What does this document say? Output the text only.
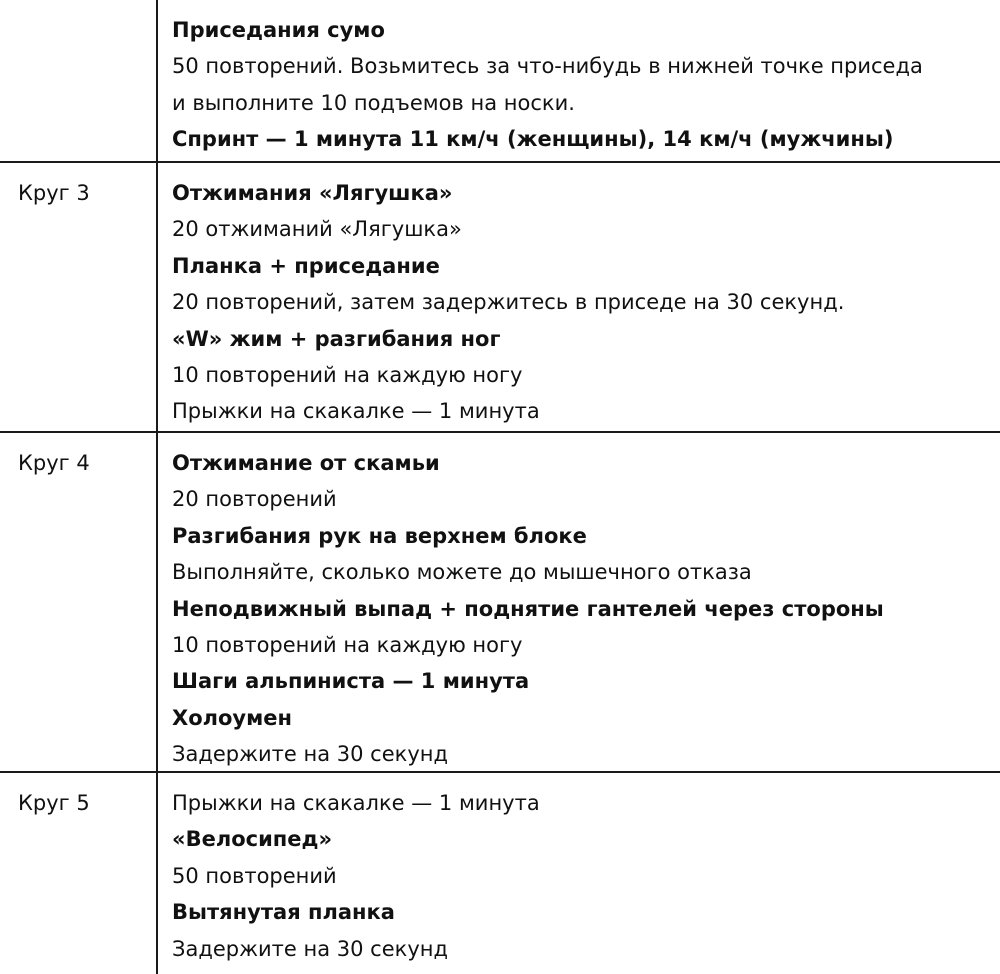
Приседания сумо
50 повторений. Возьмитесь за что-нибудь в нижней точке приседа
и выполните 10 подъемов на носки.
Спринт — 1 минута 11 км/ч (женщины), 14 км/ч (мужчины)
Круг 3	Отжимания «Лягушка»
20 отжиманий «Лягушка»
Планка + приседание
20 повторений, затем задержитесь в приседе на 30 секунд.
«W» жим + разгибания ног
10 повторений на каждую ногу
Прыжки на скакалке — 1 минута
Круг 4	Отжимание от скамьи
20 повторений
Разгибания рук на верхнем блоке
Выполняйте, сколько можете до мышечного отказа
Неподвижный выпад + поднятие гантелей через стороны
10 повторений на каждую ногу
Шаги альпиниста — 1 минута
Холоумен
Задержите на 30 секунд
Круг 5	Прыжки на скакалке — 1 минута
«Велосипед»
50 повторений
Вытянутая планка
Задержите на 30 секунд
